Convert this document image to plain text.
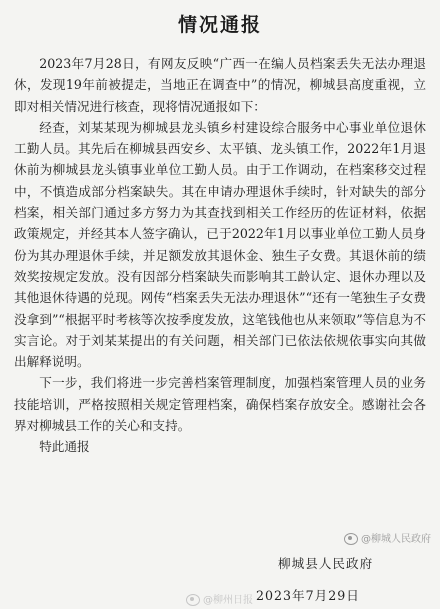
情况通报

2023年7月28日，有网友反映“广西一在编人员档案丢失无法办理退休，发现19年前被提走，当地正在调查中”的情况，柳城县高度重视，立即对相关情况进行核查，现将情况通报如下：

经查，刘某某现为柳城县龙头镇乡村建设综合服务中心事业单位退休工勤人员。其先后在柳城县西安乡、太平镇、龙头镇工作，2022年1月退休前为柳城县龙头镇事业单位工勤人员。由于工作调动，在档案移交过程中，不慎造成部分档案缺失。其在申请办理退休手续时，针对缺失的部分档案，相关部门通过多方努力为其查找到相关工作经历的佐证材料，依据政策规定，并经其本人签字确认，已于2022年1月以事业单位工勤人员身份为其办理退休手续，并足额发放其退休金、独生子女费。其退休前的绩效奖按规定发放。没有因部分档案缺失而影响其工龄认定、退休办理以及其他退休待遇的兑现。网传“档案丢失无法办理退休”“还有一笔独生子女费没拿到”“根据平时考核等次按季度发放，这笔钱他也从来领取”等信息为不实言论。对于刘某某提出的有关问题，相关部门已依法依规依事实向其做出解释说明。

下一步，我们将进一步完善档案管理制度，加强档案管理人员的业务技能培训，严格按照相关规定管理档案，确保档案存放安全。感谢社会各界对柳城县工作的关心和支持。

特此通报

柳城县人民政府
2023年7月29日
@柳州日报
@柳城人民政府
